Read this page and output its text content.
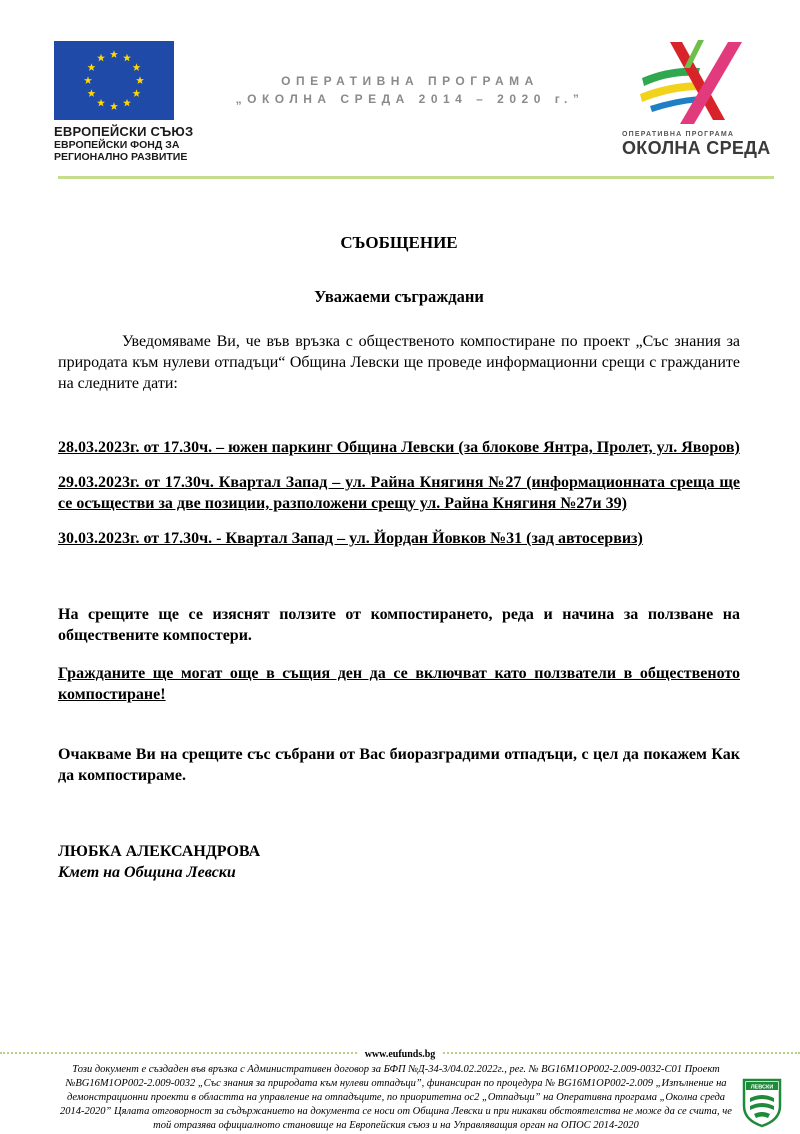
ЕВРОПЕЙСКИ СЪЮЗ
ЕВРОПЕЙСКИ ФОНД ЗА
РЕГИОНАЛНО РАЗВИТИЕ
ОПЕРАТИВНА ПРОГРАМА
„ОКОЛНА СРЕДА 2014 – 2020 г.”
ОПЕРАТИВНА ПРОГРАМА
ОКОЛНА СРЕДА

СЪОБЩЕНИЕ

Уважаеми съграждани

Уведомяваме Ви, че във връзка с общественото компостиране по проект „Със знания за природата към нулеви отпадъци“ Община Левски ще проведе информационни срещи с гражданите на следните дати:

28.03.2023г. от 17.30ч. – южен паркинг Община Левски (за блокове Янтра, Пролет, ул. Яворов)

29.03.2023г. от 17.30ч. Квартал Запад – ул. Райна Княгиня №27 (информационната среща ще се осъществи за две позиции, разположени срещу ул. Райна Княгиня №27и 39)

30.03.2023г. от 17.30ч. - Квартал Запад – ул. Йордан Йовков №31 (зад автосервиз)

На срещите ще се изяснят ползите от компостирането, реда и начина за ползване на обществените компостери.

Гражданите ще могат още в същия ден да се включват като ползватели в общественото компостиране!

Очакваме Ви на срещите със събрани от Вас биоразградими отпадъци, с цел да покажем Как да компостираме.

ЛЮБКА АЛЕКСАНДРОВА

Кмет на Община Левски

www.eufunds.bg
Този документ е създаден във връзка с Административен договор за БФП №Д-34-3/04.02.2022г., рег. № BG16M1OP002-2.009-0032-C01 Проект №BG16M1OP002-2.009-0032 „Със знания за природата към нулеви отпадъци”, финансиран по процедура № BG16M1OP002-2.009 „Изпълнение на демонстрационни проекти в областта на управление на отпадъците, по приоритетна ос2 „Отпадъци” на Оперативна програма „Околна среда 2014-2020” Цялата отговорност за съдържанието на документа се носи от Община Левски и при никакви обстоятелства не може да се счита, че той отразява официалното становище на Европейския съюз и на Управляващия орган на ОПОС 2014-2020
ЛЕВСКИ
